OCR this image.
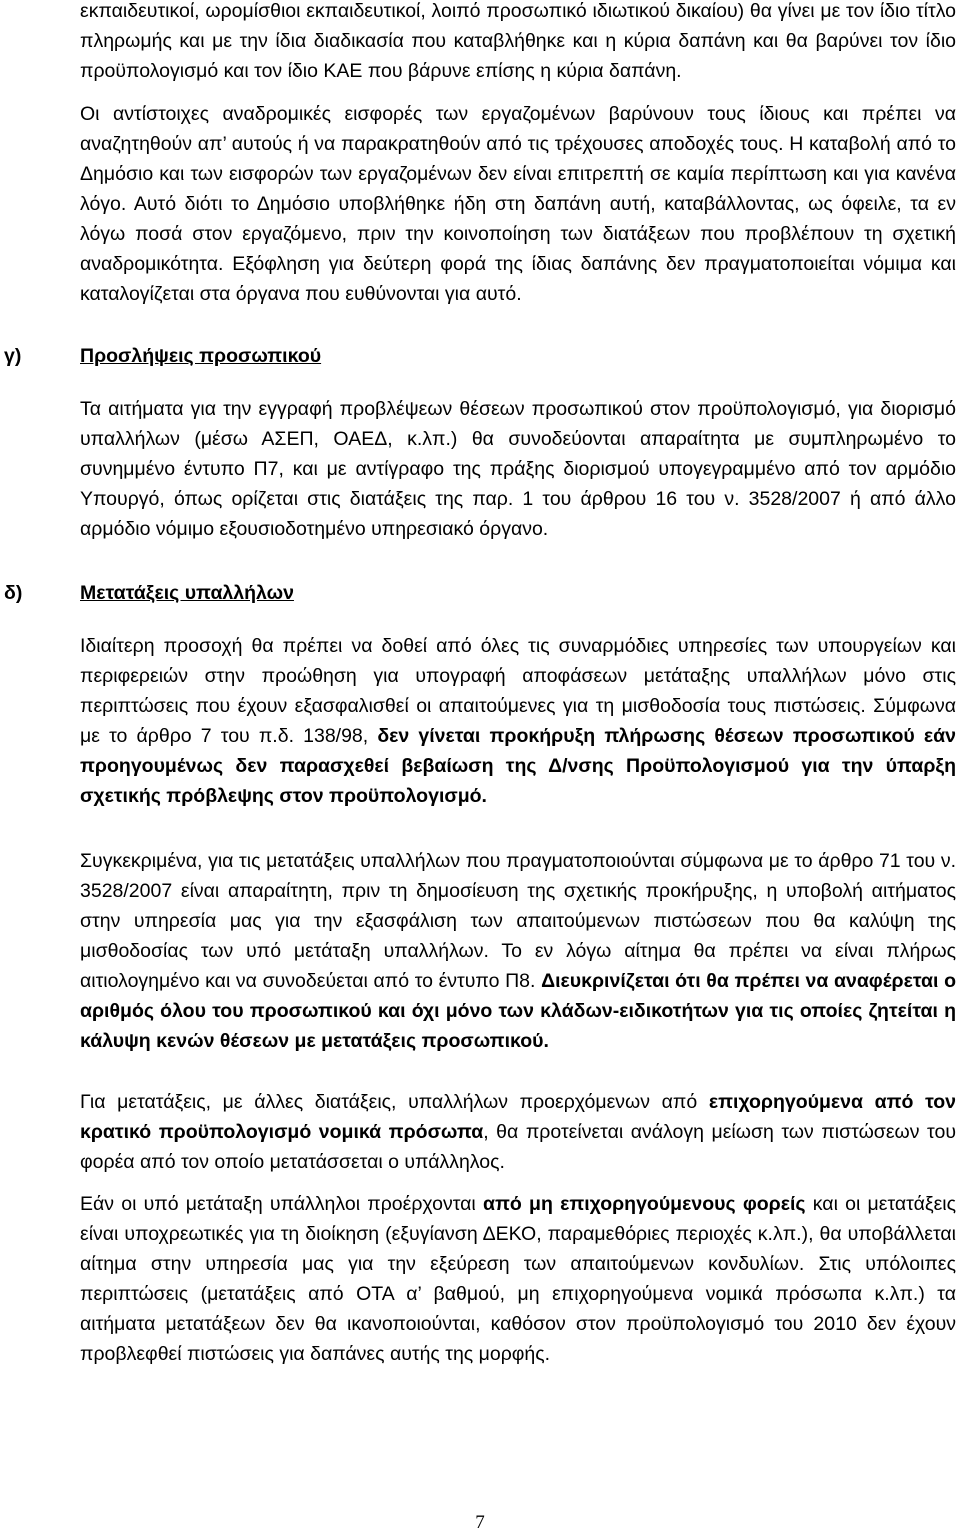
εκπαιδευτικοί, ωρομίσθιοι εκπαιδευτικοί, λοιπό προσωπικό ιδιωτικού δικαίου) θα γίνει με τον ίδιο τίτλο πληρωμής και με την ίδια διαδικασία που καταβλήθηκε και η κύρια δαπάνη και θα βαρύνει τον ίδιο προϋπολογισμό και τον ίδιο ΚΑΕ που βάρυνε επίσης η κύρια δαπάνη.

Οι αντίστοιχες αναδρομικές εισφορές των εργαζομένων βαρύνουν τους ίδιους και πρέπει να αναζητηθούν απ’ αυτούς ή να παρακρατηθούν από τις τρέχουσες αποδοχές τους. Η καταβολή από το Δημόσιο και των εισφορών των εργαζομένων δεν είναι επιτρεπτή σε καμία περίπτωση και για κανένα λόγο. Αυτό διότι το Δημόσιο υποβλήθηκε ήδη στη δαπάνη αυτή, καταβάλλοντας, ως όφειλε, τα εν λόγω ποσά στον εργαζόμενο, πριν την κοινοποίηση των διατάξεων που προβλέπουν τη σχετική αναδρομικότητα. Εξόφληση για δεύτερη φορά της ίδιας δαπάνης δεν πραγματοποιείται νόμιμα και καταλογίζεται στα όργανα που ευθύνονται για αυτό.

γ)	Προσλήψεις προσωπικού

Τα αιτήματα για την εγγραφή προβλέψεων θέσεων προσωπικού στον προϋπολογισμό, για διορισμό υπαλλήλων (μέσω ΑΣΕΠ, ΟΑΕΔ, κ.λπ.) θα συνοδεύονται απαραίτητα με συμπληρωμένο το συνημμένο έντυπο Π7, και με αντίγραφο της πράξης διορισμού υπογεγραμμένο από τον αρμόδιο Υπουργό, όπως ορίζεται στις διατάξεις της παρ. 1 του άρθρου 16 του ν. 3528/2007 ή από άλλο αρμόδιο νόμιμο εξουσιοδοτημένο υπηρεσιακό όργανο.

δ)	Μετατάξεις υπαλλήλων

Ιδιαίτερη προσοχή θα πρέπει να δοθεί από όλες τις συναρμόδιες υπηρεσίες των υπουργείων και περιφερειών στην προώθηση για υπογραφή αποφάσεων μετάταξης υπαλλήλων μόνο στις περιπτώσεις που έχουν εξασφαλισθεί οι απαιτούμενες για τη μισθοδοσία τους πιστώσεις. Σύμφωνα με το άρθρο 7 του π.δ. 138/98, δεν γίνεται προκήρυξη πλήρωσης θέσεων προσωπικού εάν προηγουμένως δεν παρασχεθεί βεβαίωση της Δ/νσης Προϋπολογισμού για την ύπαρξη σχετικής πρόβλεψης στον προϋπολογισμό.

Συγκεκριμένα, για τις μετατάξεις υπαλλήλων που πραγματοποιούνται σύμφωνα με το άρθρο 71 του ν. 3528/2007 είναι απαραίτητη, πριν τη δημοσίευση της σχετικής προκήρυξης, η υποβολή αιτήματος στην υπηρεσία μας για την εξασφάλιση των απαιτούμενων πιστώσεων που θα καλύψη της μισθοδοσίας των υπό μετάταξη υπαλλήλων. Το εν λόγω αίτημα θα πρέπει να είναι πλήρως αιτιολογημένο και να συνοδεύεται από το έντυπο Π8. Διευκρινίζεται ότι θα πρέπει να αναφέρεται ο αριθμός όλου του προσωπικού και όχι μόνο των κλάδων-ειδικοτήτων για τις οποίες ζητείται η κάλυψη κενών θέσεων με μετατάξεις προσωπικού.

Για μετατάξεις, με άλλες διατάξεις, υπαλλήλων προερχόμενων από επιχορηγούμενα από τον κρατικό προϋπολογισμό νομικά πρόσωπα, θα προτείνεται ανάλογη μείωση των πιστώσεων του φορέα από τον οποίο μετατάσσεται ο υπάλληλος.

Εάν οι υπό μετάταξη υπάλληλοι προέρχονται από μη επιχορηγούμενους φορείς και οι μετατάξεις είναι υποχρεωτικές για τη διοίκηση (εξυγίανση ΔΕΚΟ, παραμεθόριες περιοχές κ.λπ.), θα υποβάλλεται αίτημα στην υπηρεσία μας για την εξεύρεση των απαιτούμενων κονδυλίων. Στις υπόλοιπες περιπτώσεις (μετατάξεις από ΟΤΑ α’ βαθμού, μη επιχορηγούμενα νομικά πρόσωπα κ.λπ.) τα αιτήματα μετατάξεων δεν θα ικανοποιούνται, καθόσον στον προϋπολογισμό του 2010 δεν έχουν προβλεφθεί πιστώσεις για δαπάνες αυτής της μορφής.

7
